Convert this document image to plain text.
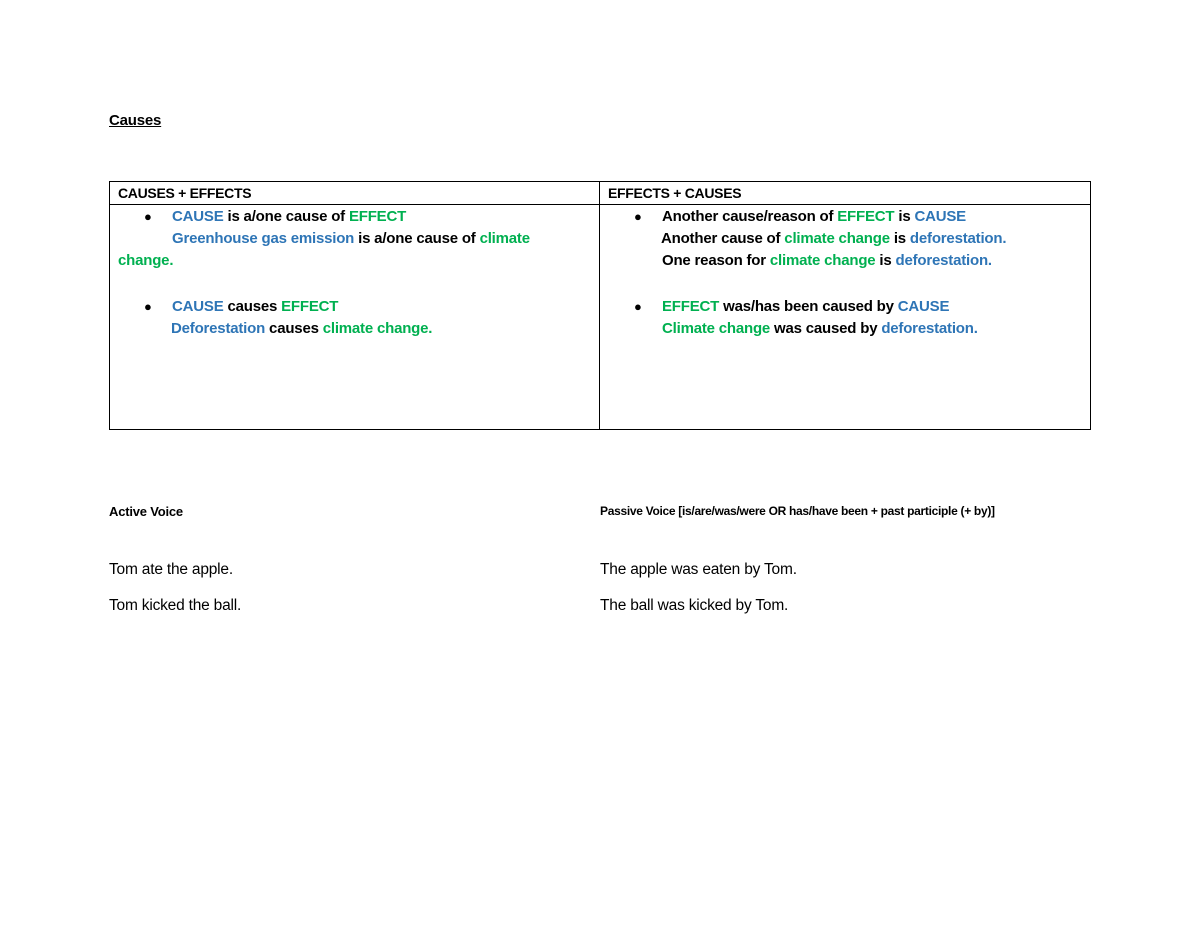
Causes
CAUSES + EFFECTS	EFFECTS + CAUSES
● CAUSE is a/one cause of EFFECT
Greenhouse gas emission is a/one cause of climate
change.
● CAUSE causes EFFECT
Deforestation causes climate change.
● Another cause/reason of EFFECT is CAUSE
Another cause of climate change is deforestation.
One reason for climate change is deforestation.
● EFFECT was/has been caused by CAUSE
Climate change was caused by deforestation.
Active Voice	Passive Voice [is/are/was/were OR has/have been + past participle (+ by)]
Tom ate the apple.
Tom kicked the ball.
The apple was eaten by Tom.
The ball was kicked by Tom.
